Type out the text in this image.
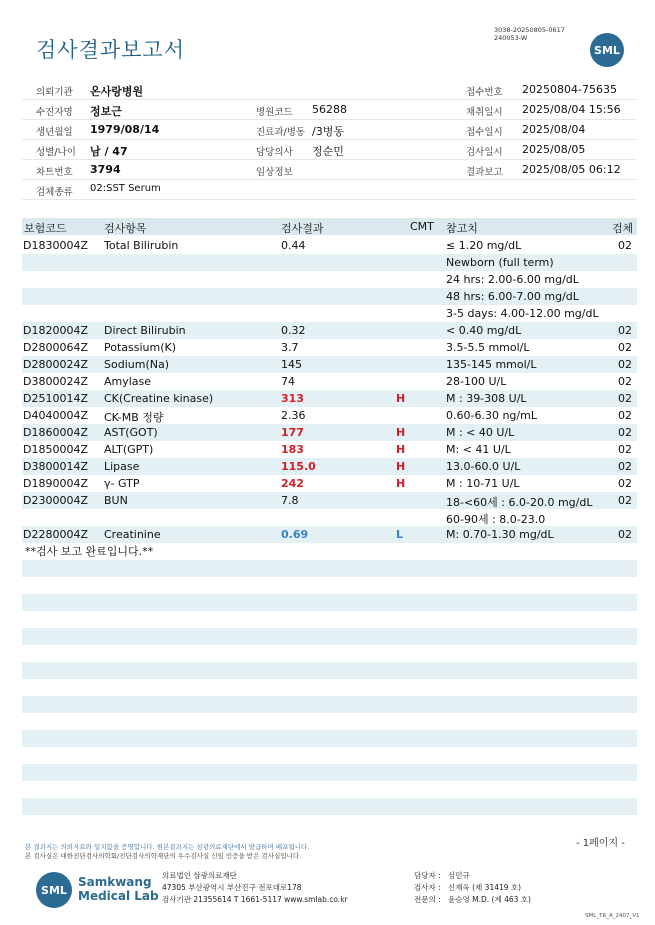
검사결과보고서
3038-20250805-0617
240053-W
SML
의뢰기관 온사랑병원	접수번호 20250804-75635
수진자명 정보근	병원코드 56288	채취일시 2025/08/04 15:56
생년월일 1979/08/14	진료과/병동 /3병동	접수일시 2025/08/04
성별/나이 남 / 47	담당의사 정순민	검사일시 2025/08/05
차트번호 3794	임상정보	결과보고 2025/08/05 06:12
검체종류 02:SST Serum
보험코드	검사항목	검사결과	CMT 참고치	검체
D1830004Z Total Bilirubin	0.44	≤ 1.20 mg/dL	02
Newborn (full term)
24 hrs: 2.00-6.00 mg/dL
48 hrs: 6.00-7.00 mg/dL
3-5 days: 4.00-12.00 mg/dL
D1820004Z Direct Bilirubin	0.32	< 0.40 mg/dL	02
D2800064Z Potassium(K)	3.7	3.5-5.5 mmol/L	02
D2800024Z Sodium(Na)	145	135-145 mmol/L	02
D3800024Z Amylase	74	28-100 U/L	02
D2510014Z CK(Creatine kinase)	313	H	M : 39-308 U/L	02
D4040004Z CK-MB 정량	2.36	0.60-6.30 ng/mL	02
D1860004Z AST(GOT)	177	H	M : < 40 U/L	02
D1850004Z ALT(GPT)	183	H	M: < 41 U/L	02
D3800014Z Lipase	115.0	H	13.0-60.0 U/L	02
D1890004Z γ- GTP	242	H	M : 10-71 U/L	02
D2300004Z BUN	7.8	18-<60세 : 6.0-20.0 mg/dL 02
60-90세 : 8.0-23.0
D2280004Z Creatinine	0.69	L	M: 0.70-1.30 mg/dL	02
**검사 보고 완료입니다.**
본 결과지는 의뢰자료와 일치함을 증명합니다. 원본결과지는 삼광의료재단에서 발급하며 배포됩니다.
본 검사실은 대한진단검사의학회/진단검사의학재단의 우수검사실 신임 인증을 받은 검사실입니다.
- 1페이지 -
SML
Samkwang
Medical Lab
의료법인 삼광의료재단
47305 부산광역시 부산진구 전포대로178
검사기관 21355614 T 1661-5117 www.smlab.co.kr
담당자 : 심민규
검사자 : 신재욱 (제 31419 호)
전문의 : 윤승영 M.D. (제 463 호)
SML_TR_A_2407_V1
